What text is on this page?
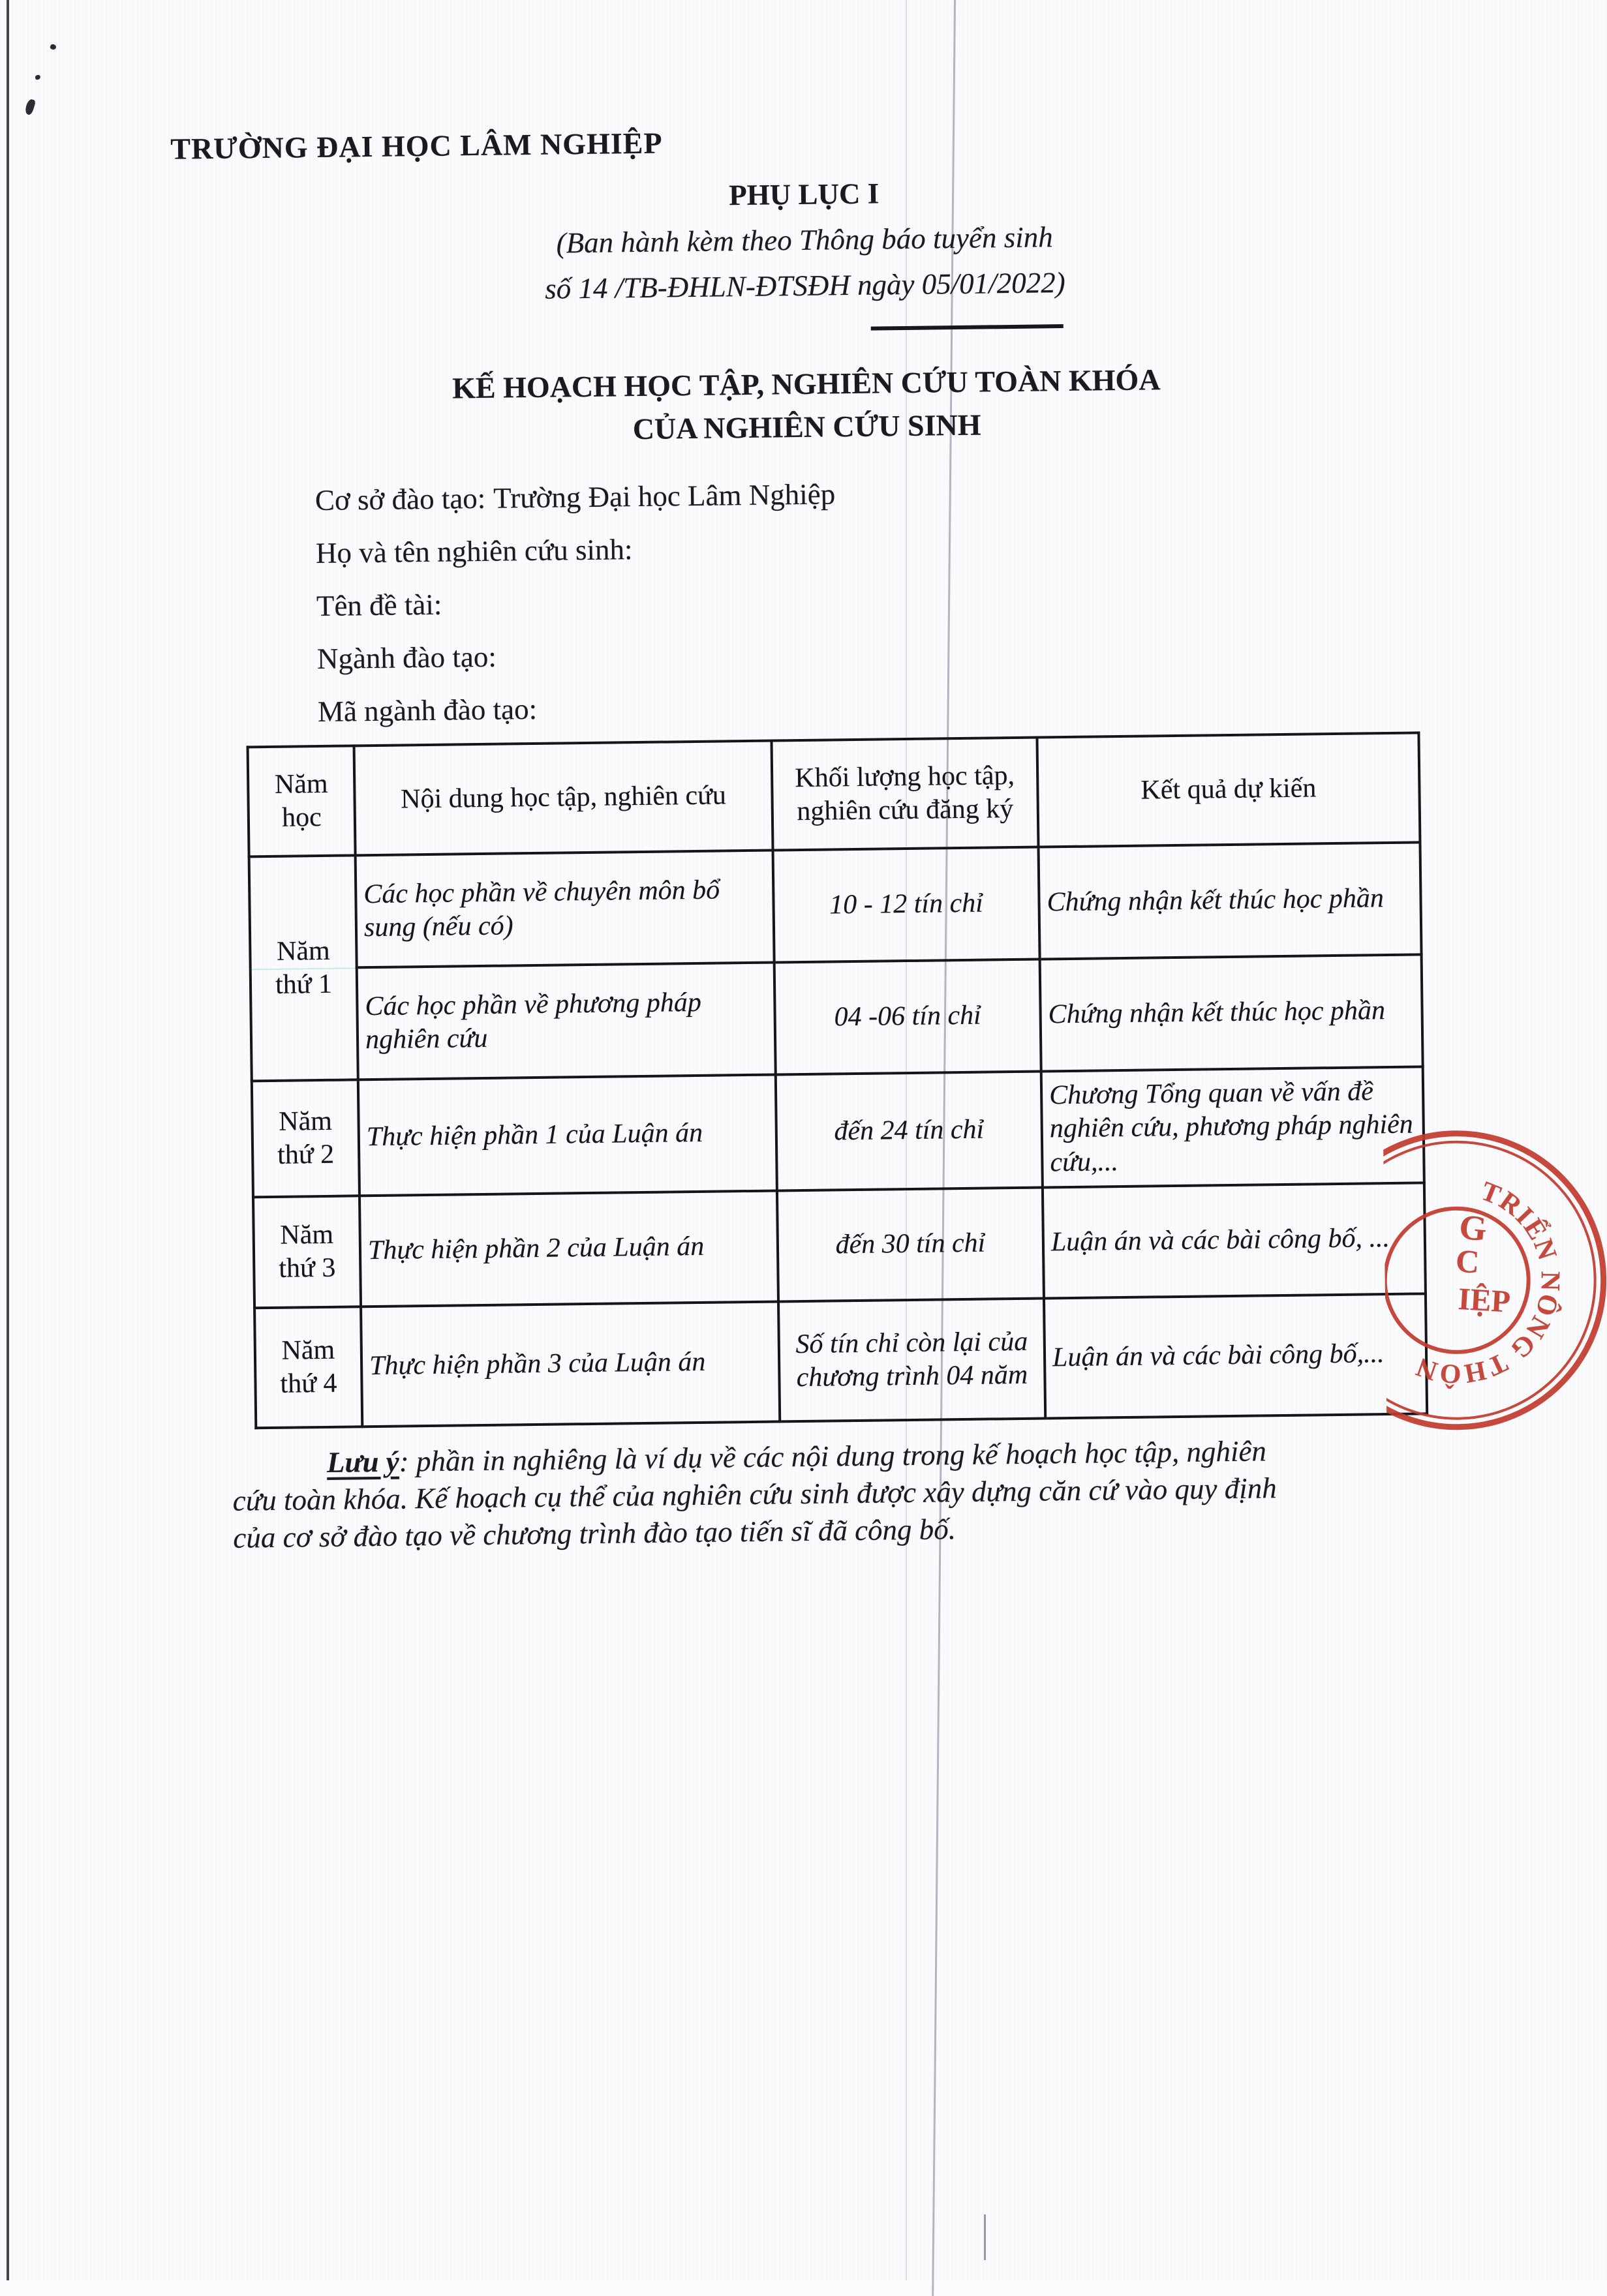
TRƯỜNG ĐẠI HỌC LÂM NGHIỆP
PHỤ LỤC I
(Ban hành kèm theo Thông báo tuyển sinh
số 14 /TB-ĐHLN-ĐTSĐH ngày 05/01/2022)
KẾ HOẠCH HỌC TẬP, NGHIÊN CỨU TOÀN KHÓA
CỦA NGHIÊN CỨU SINH
Cơ sở đào tạo: Trường Đại học Lâm Nghiệp
Họ và tên nghiên cứu sinh:
Tên đề tài:
Ngành đào tạo:
Mã ngành đào tạo:
Năm học	Nội dung học tập, nghiên cứu	Khối lượng học tập, nghiên cứu đăng ký	Kết quả dự kiến
Năm thứ 1	Các học phần về chuyên môn bổ sung (nếu có)	10 - 12 tín chỉ	Chứng nhận kết thúc học phần
	Các học phần về phương pháp nghiên cứu	04 -06 tín chỉ	Chứng nhận kết thúc học phần
Năm thứ 2	Thực hiện phần 1 của Luận án	đến 24 tín chỉ	Chương Tổng quan về vấn đề nghiên cứu, phương pháp nghiên cứu,...
Năm thứ 3	Thực hiện phần 2 của Luận án	đến 30 tín chỉ	Luận án và các bài công bố, ...
Năm thứ 4	Thực hiện phần 3 của Luận án	Số tín chỉ còn lại của chương trình 04 năm	Luận án và các bài công bố,...
Lưu ý: phần in nghiêng là ví dụ về các nội dung trong kế hoạch học tập, nghiên
cứu toàn khóa. Kế hoạch cụ thể của nghiên cứu sinh được xây dựng căn cứ vào quy định
của cơ sở đào tạo về chương trình đào tạo tiến sĩ đã công bố.
TRIỂN NÔNG THÔN
G
C
IỆP
